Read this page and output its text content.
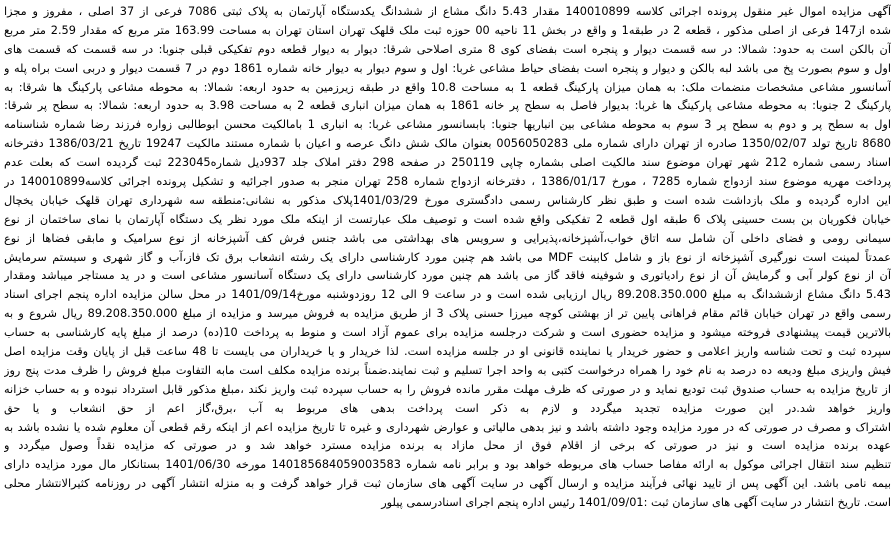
آگهی مزایده اموال غیر منقول پرونده اجرائی کلاسه 140010899 مقدار 5.43 دانگ مشاع از ششدانگ یکدستگاه آپارتمان به پلاک ثبتی 7086 فرعی از 37 اصلی ، مفروز و مجزا
شده از147 فرعی از اصلی مذکور ، قطعه 2 در طبقه1 و واقع در بخش 11 ناحیه 00 حوزه ثبت ملک قلهک تهران استان تهران به مساحت 163.99 متر مربع که مقدار 2.59 متر مربع
آن بالکن است به حدود: شمالا: در سه قسمت دیوار و پنجره است بفضای کوی 8 متری اصلاحی شرقا: دیوار به دیوار قطعه دوم تفکیکی قبلی جنوبا: در سه قسمت که قسمت های
اول و سوم بصورت پخ می باشد لبه بالکن و دیوار و پنجره است بفضای حیاط مشاعی غربا: اول و سوم دیوار به دیوار خانه شماره 1861 دوم در 7 قسمت دیوار و دربی است براه پله و
آسانسور مشاعی مشخصات منضمات ملک: به همان میزان پارکینگ قطعه 1 به مساحت 10.8 واقع در طبقه زیرزمین به حدود اربعه: شمالا: به محوطه مشاعی پارکینگ ها شرقا: به
پارکینگ 2 جنوبا: به محوطه مشاعی پارکینگ ها غربا: بدیوار فاصل به سطح پر خانه 1861 به همان میزان انباری قطعه 2 به مساحت 3.98 به حدود اربعه: شمالا: به سطح پر شرقا:
اول به سطح پر و دوم به سطح پر 3 سوم به محوطه مشاعی بین انباریها جنوبا: بابسانسور مشاعی غربا: به انباری 1 بامالکیت محسن ابوطالبی زواره فرزند رضا شماره شناسنامه
8680 تاریخ تولد 1350/02/07 صادره از تهران دارای شماره ملی 0056050283 بعنوان مالک شش دانگ عرصه و اعیان با شماره مستند مالکیت 19247 تاریخ 1386/03/21 دفترخانه
اسناد رسمی شماره 212 شهر تهران موضوع سند مالکیت اصلی بشماره چاپی 250119 در صفحه 298 دفتر املاک جلد 937دیل شماره223045 ثبت گردیده است که بعلت عدم
پرداخت مهریه موضوع سند ازدواج شماره 7285 ، مورخ 1386/01/17 ، دفترخانه ازدواج شماره 258 تهران منجر به صدور اجرائیه و تشکیل پرونده اجرائی کلاسه140010899 در
این اداره گردیده و ملک بازداشت شده است و طبق نظر کارشناس رسمی دادگستری مورخ 1401/03/29پلاک مذکور به نشانی:منطقه سه شهرداری تهران قلهک خیابان یخچال
خیابان فکوریان بن بست حسینی پلاک 6 طبقه اول قطعه 2 تفکیکی واقع شده است و توصیف ملک عبارتست از اینکه ملک مورد نظر یک دستگاه آپارتمان با نمای ساختمان از نوع
سیمانی رومی و فضای داخلی آن شامل سه اتاق خواب،آشپزخانه،پذیرایی و سرویس های بهداشتی می باشد جنس فرش کف آشپزخانه از نوع سرامیک و مابقی فضاها از نوع
عمدتاً لمینت است نورگیری آشپزخانه از نوع باز و شامل کابینت MDF می باشد هم چنین مورد کارشناسی دارای یک رشته انشعاب برق تک فاز،آب و گاز شهری و سیستم سرمایش
آن از نوع کولر آبی و گرمایش آن از نوع رادیاتوری و شوفینه فاقد گاز می باشد هم چنین مورد کارشناسی دارای یک دستگاه آسانسور مشاعی است و در ید مستاجر میباشد ومقدار
5.43 دانگ مشاع ازششدانگ به مبلغ 89.208.350.000 ریال ارزیابی شده است و در ساعت 9 الی 12 روزدوشنبه مورخ1401/09/14 در محل سالن مزایده اداره پنجم اجرای اسناد
رسمی واقع در تهران خیابان قائم مقام فراهانی پایین تر از بهشتی کوچه میرزا حسنی پلاک 3 از طریق مزایده به فروش میرسد و مزایده از مبلغ 89.208.350.000 ریال شروع و به
بالاترین قیمت پیشنهادی فروخته میشود و مزایده حضوری است و شرکت درجلسه مزایده برای عموم آزاد است و منوط به پرداخت 10(ده) درصد از مبلغ پایه کارشناسی به حساب
سپرده ثبت و تحت شناسه واریز اعلامی و حضور خریدار یا نماینده قانونی او در جلسه مزایده است. لذا خریدار و یا خریداران می بایست تا 48 ساعت قبل از پایان وقت مزایده اصل
فیش واریزی مبلغ ودیعه ده درصد به نام خود را همراه درخواست کتبی به واحد اجرا تسلیم و ثبت نمایند.ضمناً برنده مزایده مکلف است مابه التفاوت مبلغ فروش را ظرف مدت پنج روز
از تاریخ مزایده به حساب صندوق ثبت تودیع نماید و در صورتی که ظرف مهلت مقرر مانده فروش را به حساب سپرده ثبت واریز نکند ،مبلغ مذکور قابل استرداد نبوده و به حساب خزانه
واریز خواهد شد.در این صورت مزایده تجدید میگردد و لازم به ذکر است پرداخت بدهی های مربوط به آب ،برق،گاز اعم از حق انشعاب و یا حق
اشتراک و مصرف در صورتی که در مورد مزایده وجود داشته باشد و نیز بدهی مالیاتی و عوارض شهرداری و غیره تا تاریخ مزایده اعم از اینکه رقم قطعی آن معلوم شده یا نشده باشد به
عهده برنده مزایده است و نیز در صورتی که برخی از اقلام فوق از محل مازاد به برنده مزایده مسترد خواهد شد و در صورتی که مزایده نقداً وصول میگردد و
تنظیم سند انتقال اجرائی موکول به ارائه مفاصا حساب های مربوطه خواهد بود و برابر نامه شماره 140185684059003583 مورخه 1401/06/30 بستانکار مال مورد مزایده دارای
بیمه نامی باشد. این آگهی پس از تایید نهائی فرآیند مزایده و ارسال آگهی در سایت آگهی های سازمان ثبت قرار خواهد گرفت و به منزله انتشار آگهی در روزنامه کثیرالانتشار محلی
است. تاریخ انتشار در سایت آگهی های سازمان ثبت :1401/09/01 رئیس اداره پنجم اجرای اسنادرسمی پیلور
